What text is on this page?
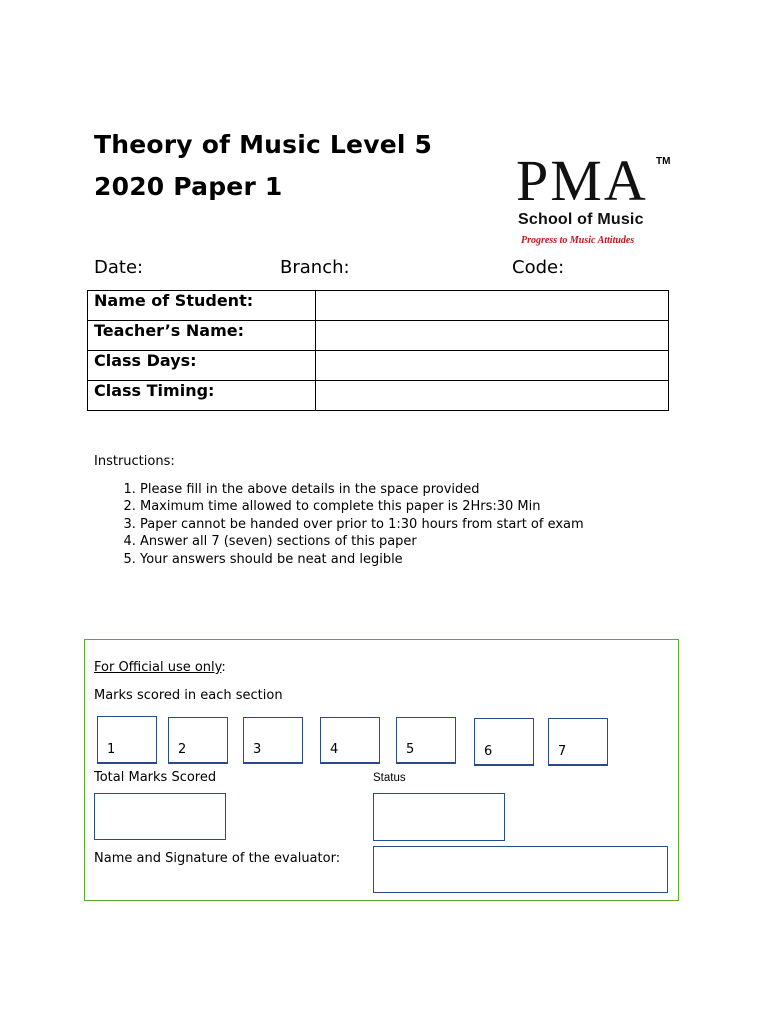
Theory of Music Level 5
2020 Paper 1	PMA TM
School of Music
Progress to Music Attitudes
Date:	Branch:	Code:
Name of Student:	
Teacher’s Name:	
Class Days:	
Class Timing:	
Instructions:
1. Please fill in the above details in the space provided
2. Maximum time allowed to complete this paper is 2Hrs:30 Min
3. Paper cannot be handed over prior to 1:30 hours from start of exam
4. Answer all 7 (seven) sections of this paper
5. Your answers should be neat and legible
For Official use only:
Marks scored in each section
1	2	3	4	5	6	7
Total Marks Scored	Status
Name and Signature of the evaluator:
